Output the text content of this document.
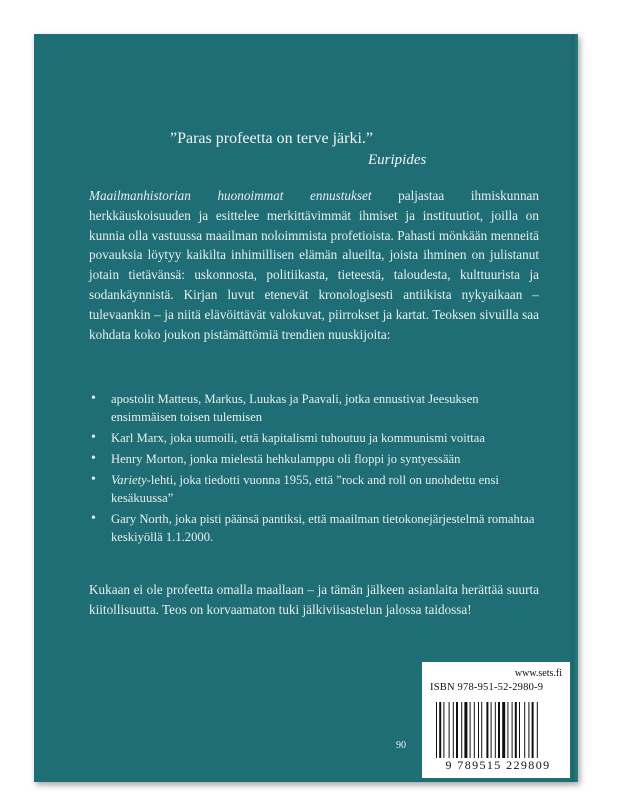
”Paras profeetta on terve järki.”
Euripides
Maailmanhistorian huonoimmat ennustukset paljastaa ihmiskunnan herkkäuskoisuuden ja esittelee merkittävimmät ihmiset ja instituutiot, joilla on kunnia olla vastuussa maailman noloimmista profetioista. Pahasti mönkään menneitä povauksia löytyy kaikilta inhimillisen elämän alueilta, joista ihminen on julistanut jotain tietävänsä: uskonnosta, politiikasta, tieteestä, taloudesta, kulttuurista ja sodankäynnistä. Kirjan luvut etenevät kronologisesti antiikista nykyaikaan – tulevaankin – ja niitä elävöittävät valokuvat, piirrokset ja kartat. Teoksen sivuilla saa kohdata koko joukon pistämättömiä trendien nuuskijoita:
• apostolit Matteus, Markus, Luukas ja Paavali, jotka ennustivat Jeesuksen ensimmäisen toisen tulemisen
• Karl Marx, joka uumoili, että kapitalismi tuhoutuu ja kommunismi voittaa
• Henry Morton, jonka mielestä hehkulamppu oli floppi jo syntyessään
• Variety-lehti, joka tiedotti vuonna 1955, että ”rock and roll on unohdettu ensi kesäkuussa”
• Gary North, joka pisti päänsä pantiksi, että maailman tietokonejärjestelmä romahtaa keskiyöllä 1.1.2000.
Kukaan ei ole profeetta omalla maallaan – ja tämän jälkeen asianlaita herättää suurta kiitollisuutta. Teos on korvaamaton tuki jälkiviisastelun jalossa taidossa!
90
www.sets.fi
ISBN 978-951-52-2980-9
9 789515 229809
